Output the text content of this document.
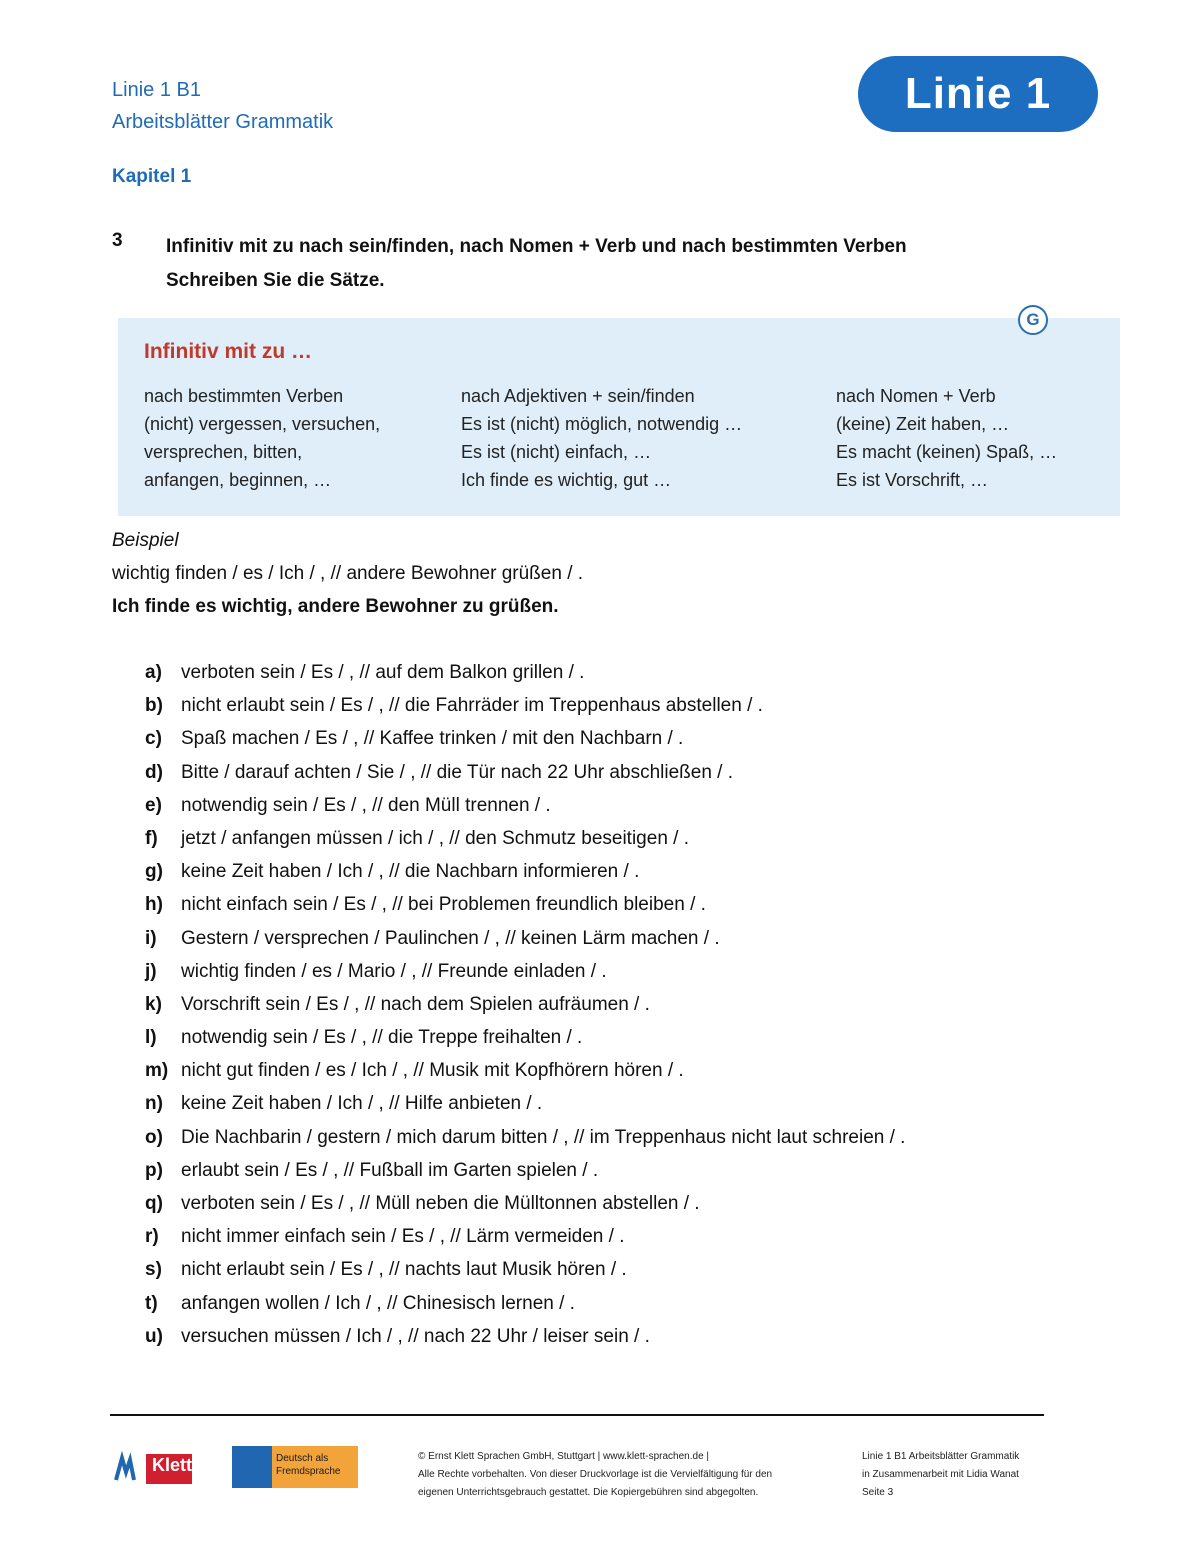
Linie 1 B1
Arbeitsblätter Grammatik
Linie 1
Kapitel 1
3 Infinitiv mit zu nach sein/finden, nach Nomen + Verb und nach bestimmten Verben
Schreiben Sie die Sätze.
G
Infinitiv mit zu …
nach bestimmten Verben
(nicht) vergessen, versuchen,
versprechen, bitten,
anfangen, beginnen, …
nach Adjektiven + sein/finden
Es ist (nicht) möglich, notwendig …
Es ist (nicht) einfach, …
Ich finde es wichtig, gut …
nach Nomen + Verb
(keine) Zeit haben, …
Es macht (keinen) Spaß, …
Es ist Vorschrift, …
Beispiel
wichtig finden / es / Ich / , // andere Bewohner grüßen / .
Ich finde es wichtig, andere Bewohner zu grüßen.
a) verboten sein / Es / , // auf dem Balkon grillen / .
b) nicht erlaubt sein / Es / , // die Fahrräder im Treppenhaus abstellen / .
c) Spaß machen / Es / , // Kaffee trinken / mit den Nachbarn / .
d) Bitte / darauf achten / Sie / , // die Tür nach 22 Uhr abschließen / .
e) notwendig sein / Es / , // den Müll trennen / .
f) jetzt / anfangen müssen / ich / , // den Schmutz beseitigen / .
g) keine Zeit haben / Ich / , // die Nachbarn informieren / .
h) nicht einfach sein / Es / , // bei Problemen freundlich bleiben / .
i) Gestern / versprechen / Paulinchen / , // keinen Lärm machen / .
j) wichtig finden / es / Mario / , // Freunde einladen / .
k) Vorschrift sein / Es / , // nach dem Spielen aufräumen / .
l) notwendig sein / Es / , // die Treppe freihalten / .
m) nicht gut finden / es / Ich / , // Musik mit Kopfhörern hören / .
n) keine Zeit haben / Ich / , // Hilfe anbieten / .
o) Die Nachbarin / gestern / mich darum bitten / , // im Treppenhaus nicht laut schreien / .
p) erlaubt sein / Es / , // Fußball im Garten spielen / .
q) verboten sein / Es / , // Müll neben die Mülltonnen abstellen / .
r) nicht immer einfach sein / Es / , // Lärm vermeiden / .
s) nicht erlaubt sein / Es / , // nachts laut Musik hören / .
t) anfangen wollen / Ich / , // Chinesisch lernen / .
u) versuchen müssen / Ich / , // nach 22 Uhr / leiser sein / .
Klett	Deutsch als Fremdsprache
© Ernst Klett Sprachen GmbH, Stuttgart | www.klett-sprachen.de |
Alle Rechte vorbehalten. Von dieser Druckvorlage ist die Vervielfältigung für den
eigenen Unterrichtsgebrauch gestattet. Die Kopiergebühren sind abgegolten.
Linie 1 B1 Arbeitsblätter Grammatik
in Zusammenarbeit mit Lidia Wanat
Seite 3
